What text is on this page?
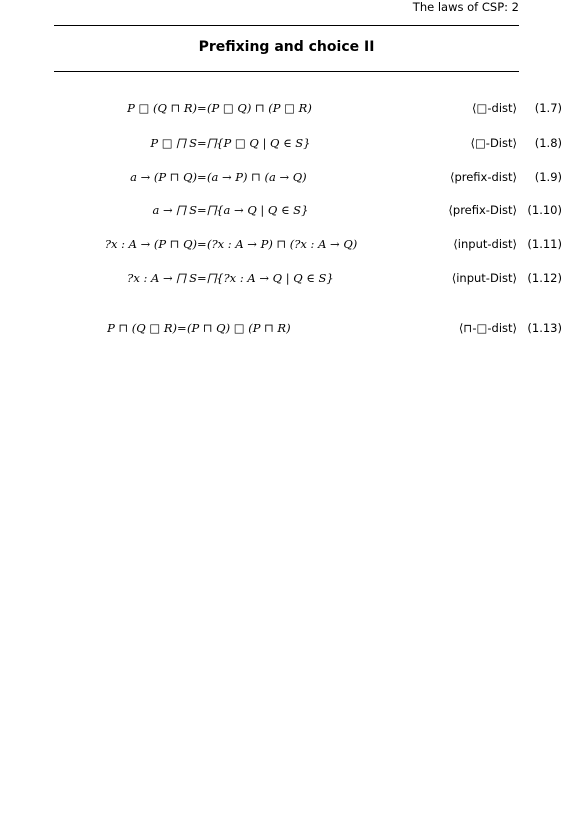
The laws of CSP: 2
Prefixing and choice II
P □ (Q ⊓ R) = (P □ Q) ⊓ (P □ R)	⟨□-dist⟩ (1.7)
P □ ⨅ S = ⨅{P □ Q | Q ∈ S}	⟨□-Dist⟩ (1.8)
a → (P ⊓ Q) = (a → P) ⊓ (a → Q)	⟨prefix-dist⟩ (1.9)
a → ⨅ S = ⨅{a → Q | Q ∈ S}	⟨prefix-Dist⟩ (1.10)
?x : A → (P ⊓ Q) = (?x : A → P) ⊓ (?x : A → Q)	⟨input-dist⟩ (1.11)
?x : A → ⨅ S = ⨅{?x : A → Q | Q ∈ S}	⟨input-Dist⟩ (1.12)
P ⊓ (Q □ R) = (P ⊓ Q) □ (P ⊓ R)	⟨⊓-□-dist⟩ (1.13)
